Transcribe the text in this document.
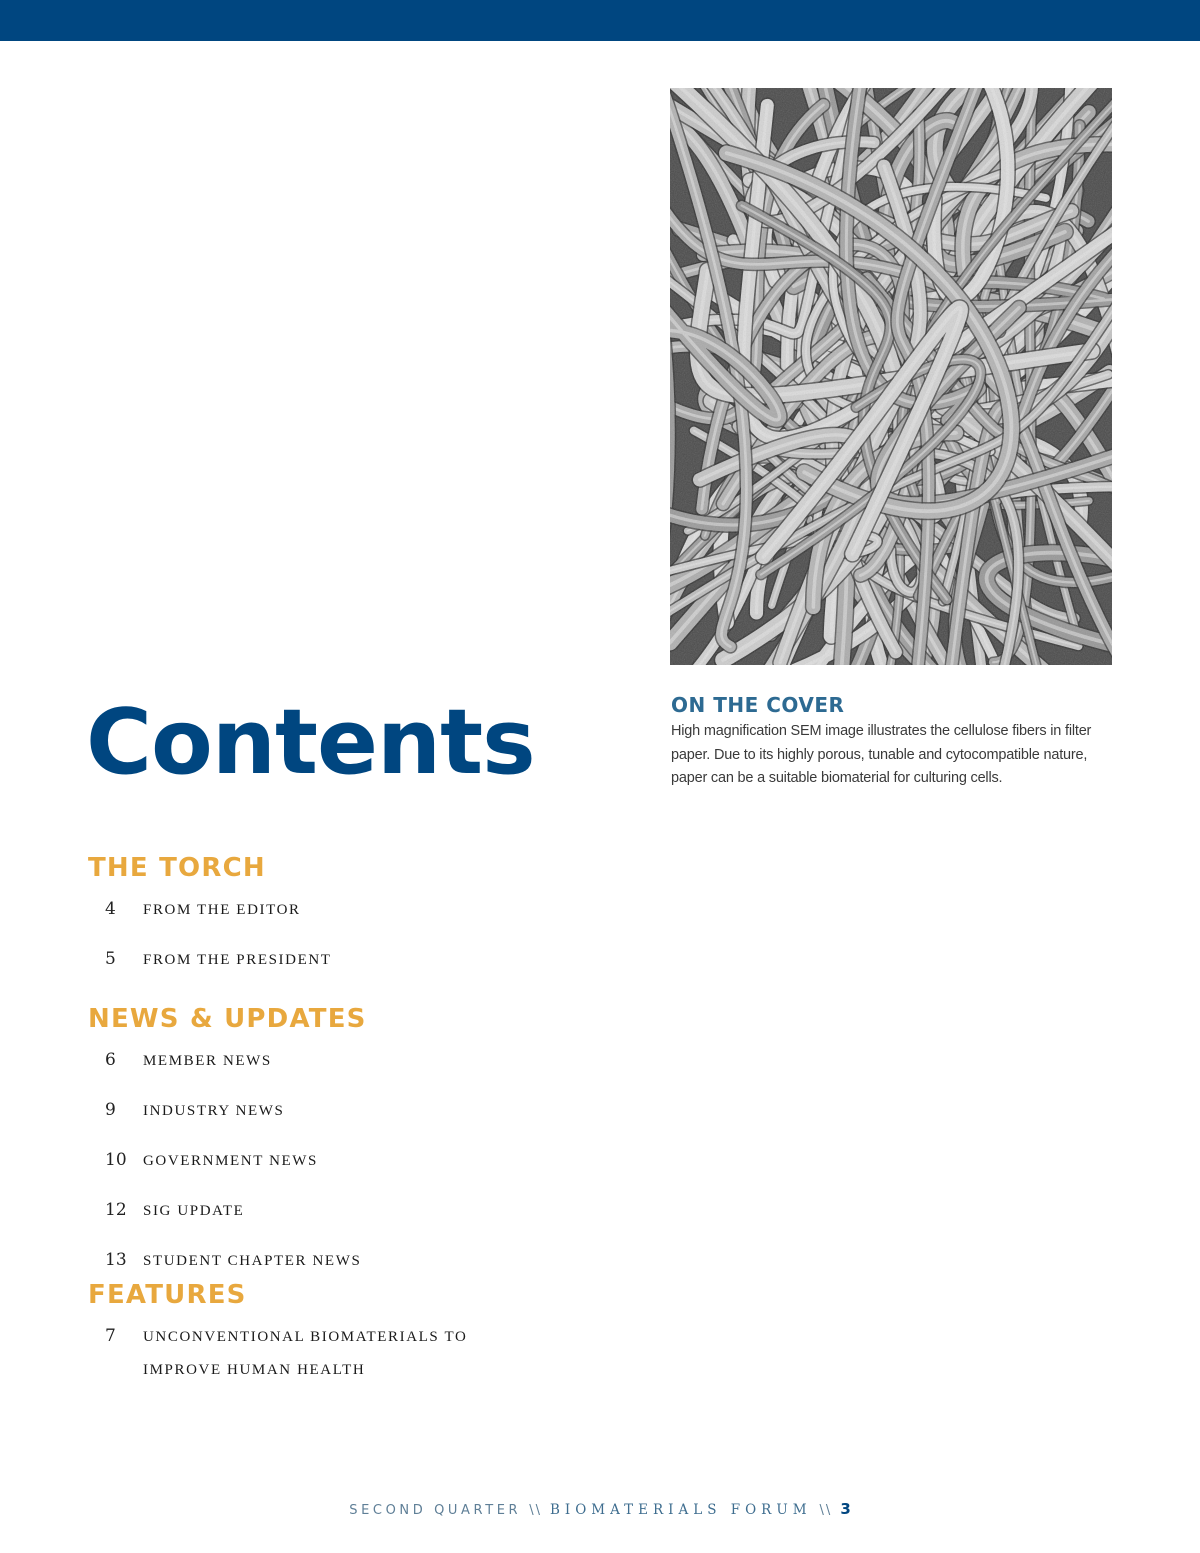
ON THE COVER

High magnification SEM image illustrates the cellulose fibers in filter paper. Due to its highly porous, tunable and cytocompatible nature, paper can be a suitable biomaterial for culturing cells.

Contents
THE TORCH
4	FROM THE EDITOR
5	FROM THE PRESIDENT
NEWS & UPDATES
6	MEMBER NEWS
9	INDUSTRY NEWS
10	GOVERNMENT NEWS
12	SIG UPDATE
13	STUDENT CHAPTER NEWS
FEATURES
7	UNCONVENTIONAL BIOMATERIALS TO IMPROVE HUMAN HEALTH
SECOND QUARTER \\ BIOMATERIALS FORUM \\ 3
